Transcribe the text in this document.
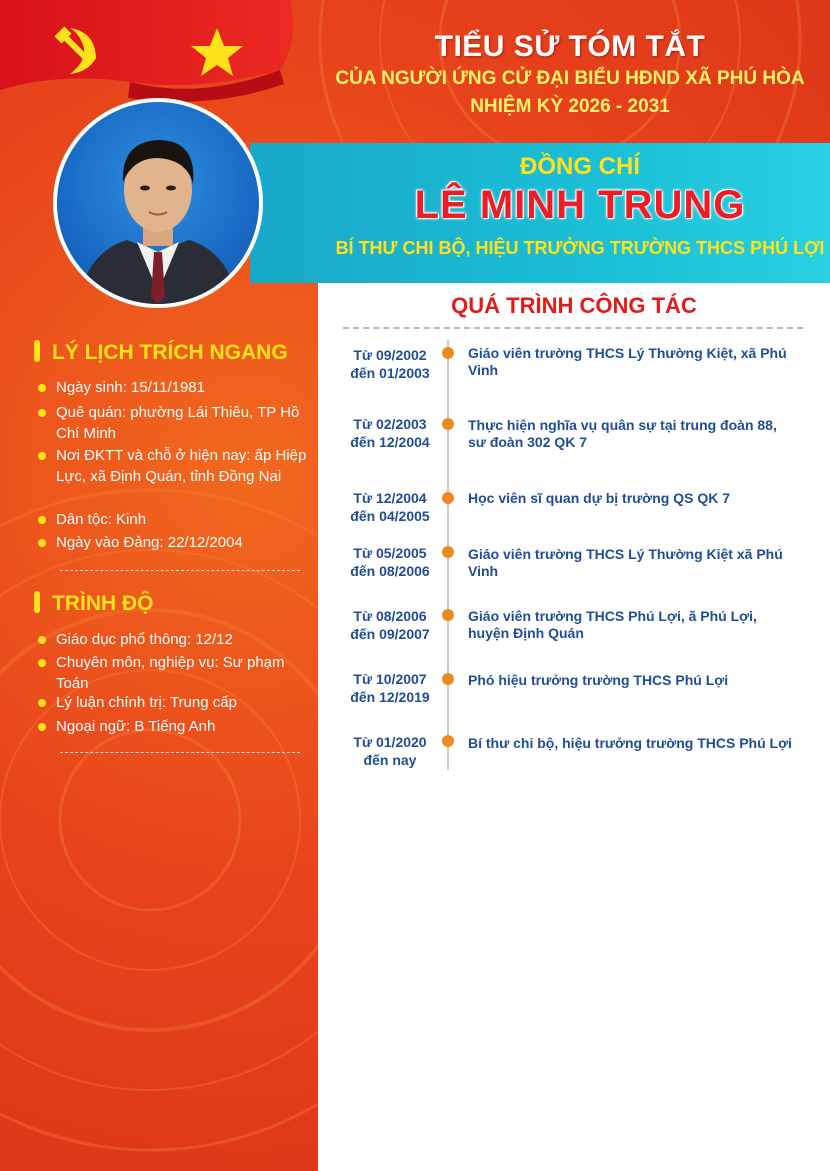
TIỂU SỬ TÓM TẮT
CỦA NGƯỜI ỨNG CỬ ĐẠI BIỂU HĐND XÃ PHÚ HÒA
NHIỆM KỲ 2026 - 2031
ĐỒNG CHÍ
LÊ MINH TRUNG
BÍ THƯ CHI BỘ, HIỆU TRƯỞNG TRƯỜNG THCS PHÚ LỢI
LÝ LỊCH TRÍCH NGANG
Ngày sinh: 15/11/1981
Quê quán: phường Lái Thiêu, TP Hồ Chí Minh
Nơi ĐKTT và chỗ ở hiện nay: ấp Hiệp Lực, xã Định Quán, tỉnh Đồng Nai
Dân tộc: Kinh
Ngày vào Đảng: 22/12/2004
TRÌNH ĐỘ
Giáo dục phổ thông: 12/12
Chuyên môn, nghiệp vụ: Sư phạm Toán
Lý luận chính trị: Trung cấp
Ngoại ngữ: B Tiếng Anh
QUÁ TRÌNH CÔNG TÁC
Từ 09/2002
đến 01/2003
Giáo viên trường THCS Lý Thường Kiệt, xã Phú Vinh
Từ 02/2003
đến 12/2004
Thực hiện nghĩa vụ quân sự tại trung đoàn 88, sư đoàn 302 QK 7
Từ 12/2004
đến 04/2005
Học viên sĩ quan dự bị trường QS QK 7
Từ 05/2005
đến 08/2006
Giáo viên trường THCS Lý Thường Kiệt xã Phú Vinh
Từ 08/2006
đến 09/2007
Giáo viên trường THCS Phú Lợi, ã Phú Lợi, huyện Định Quán
Từ 10/2007
đến 12/2019
Phó hiệu trưởng trường THCS Phú Lợi
Từ 01/2020
đến nay
Bí thư chi bộ, hiệu trưởng trường THCS Phú Lợi
